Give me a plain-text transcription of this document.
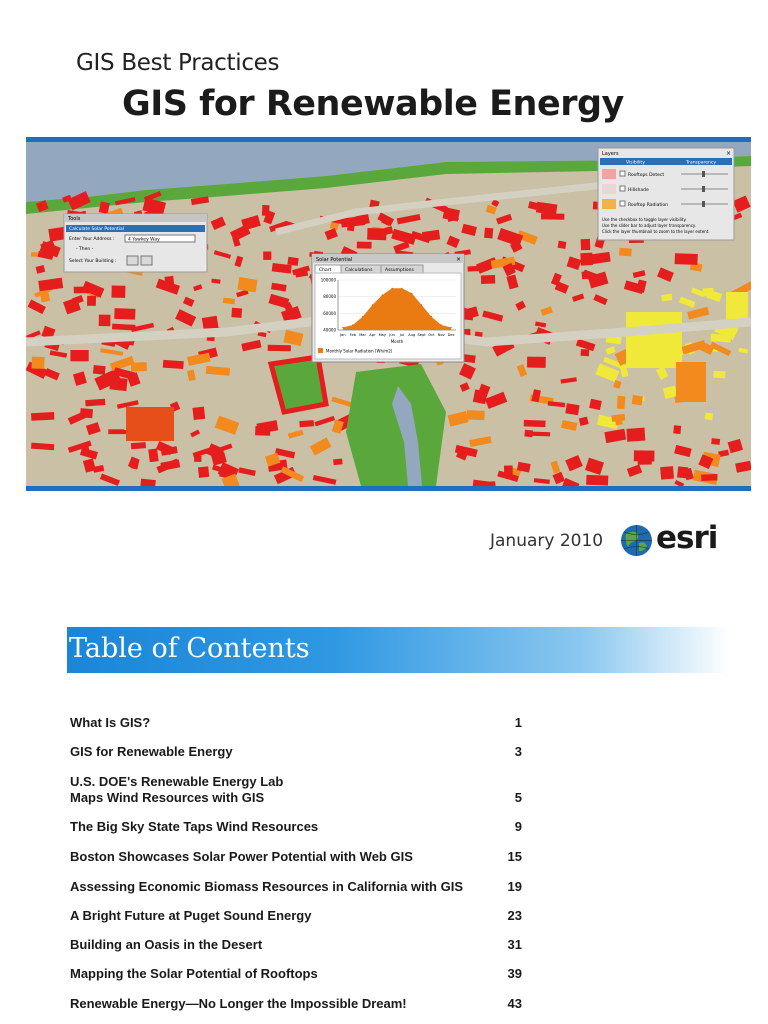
GIS Best Practices
GIS for Renewable Energy
Tools
Calculate Solar Potential
Enter Your Address :	4 Yawkey Way
- Then -
Select Your Building :
Layers	×
Visibility	Transparency
Rooftops Detect
Hillshade
Rooftop Radiation
Use the checkbox to toggle layer visibility.
Use the slider bar to adjust layer transparency.
Click the layer thumbnail to zoom to the layer extent.
Solar Potential	×
Chart	Calculations	Assumptions
40000
60000
80000
100000
Jan Feb Mar Apr May Jun Jul Aug Sept Oct Nov Dec
Month
Monthly Solar Radiation (Wh/m2)
January 2010 esri
Table of Contents
What Is GIS?	1
GIS for Renewable Energy	3
U.S. DOE's Renewable Energy Lab
Maps Wind Resources with GIS	5
The Big Sky State Taps Wind Resources	9
Boston Showcases Solar Power Potential with Web GIS	15
Assessing Economic Biomass Resources in California with GIS	19
A Bright Future at Puget Sound Energy	23
Building an Oasis in the Desert	31
Mapping the Solar Potential of Rooftops	39
Renewable Energy—No Longer the Impossible Dream!	43
